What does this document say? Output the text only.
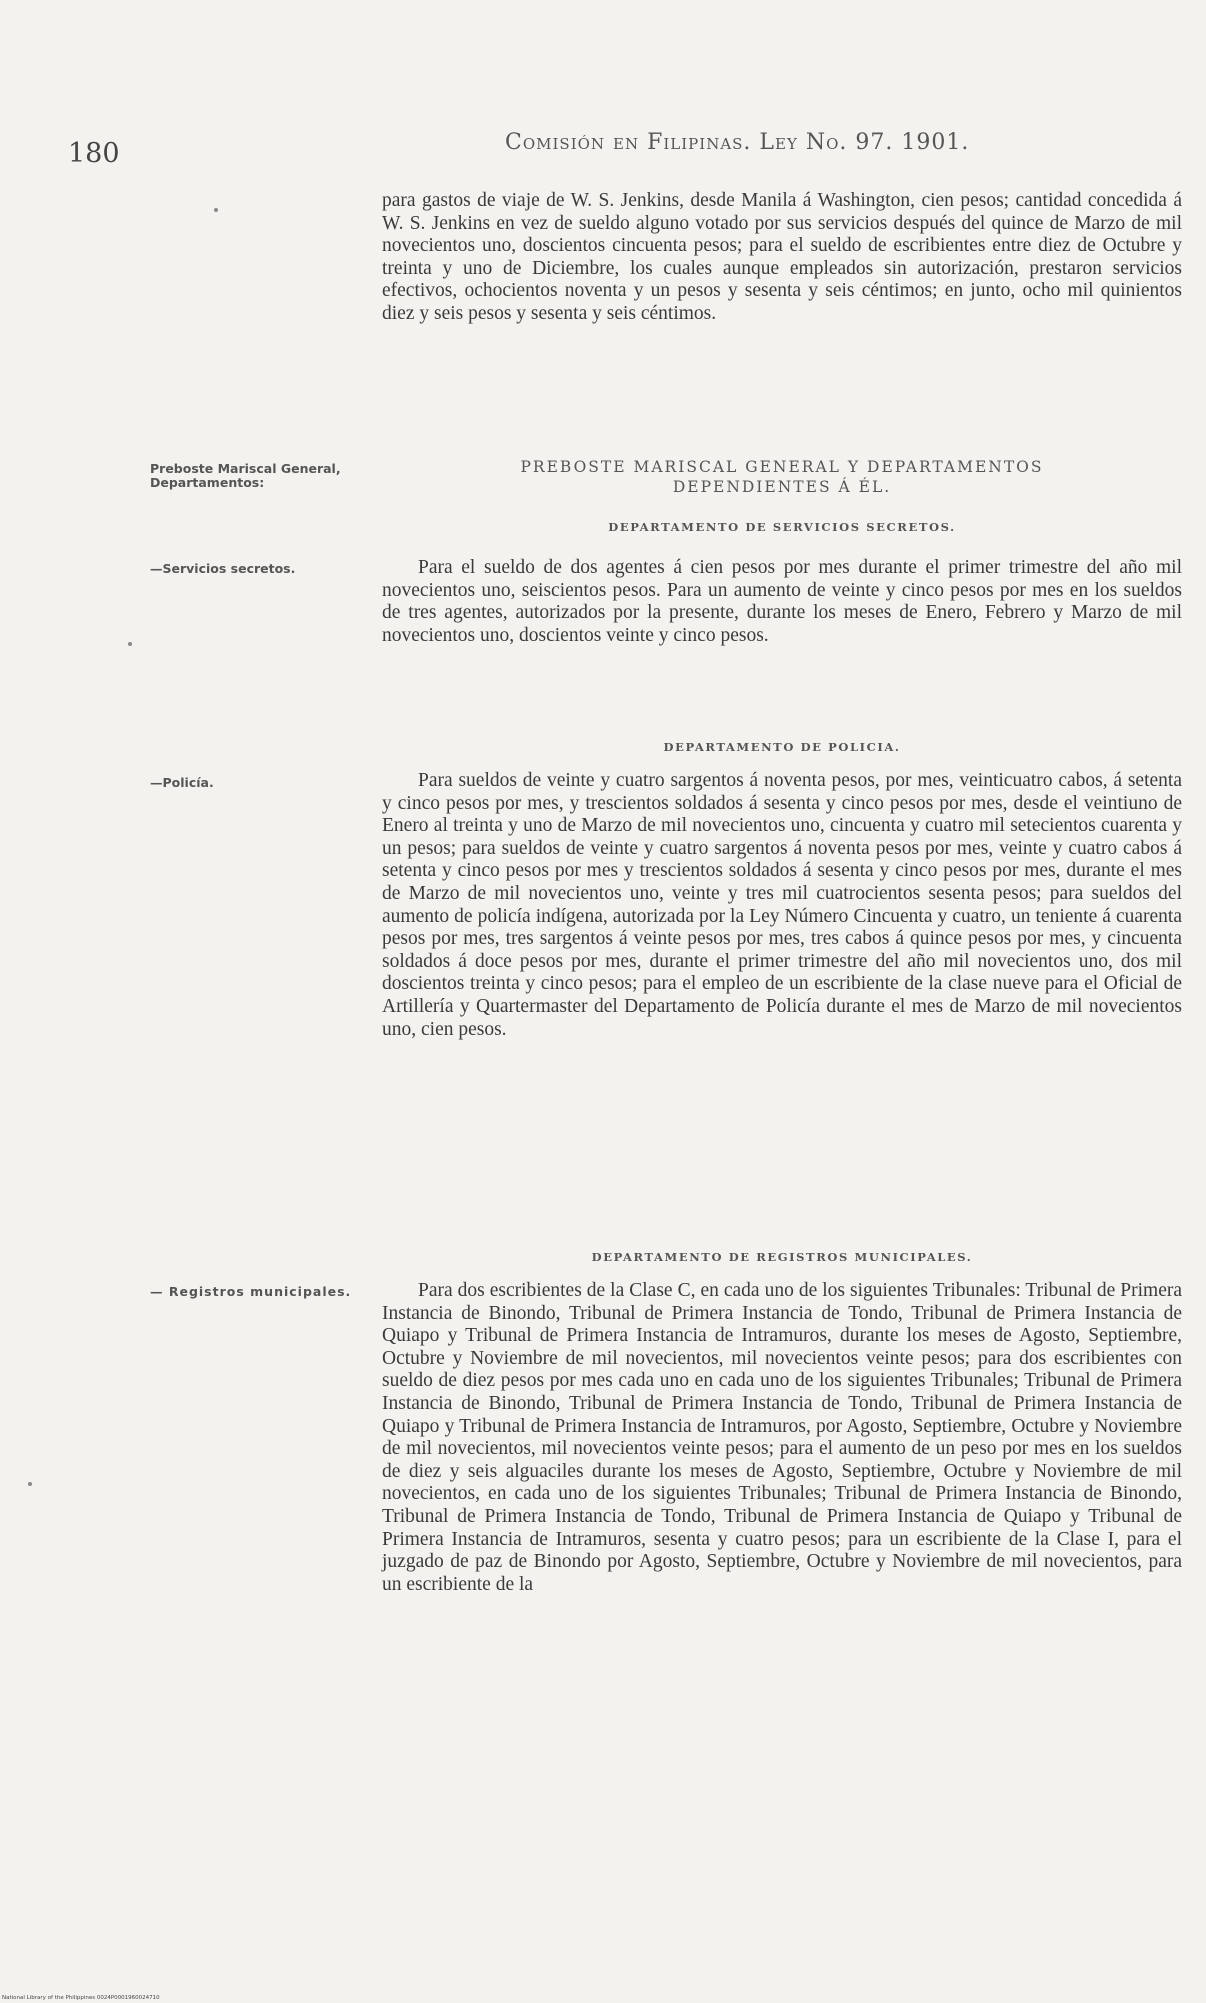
180	Comisión en Filipinas. Ley No. 97. 1901.

para gastos de viaje de W. S. Jenkins, desde Manila á Washington, cien pesos; cantidad concedida á W. S. Jenkins en vez de sueldo alguno votado por sus servicios después del quince de Marzo de mil novecientos uno, doscientos cincuenta pesos; para el sueldo de escribientes entre diez de Octubre y treinta y uno de Diciembre, los cuales aunque empleados sin autorización, prestaron servicios efectivos, ochocientos noventa y un pesos y sesenta y seis céntimos; en junto, ocho mil quinientos diez y seis pesos y sesenta y seis céntimos.

Preboste Mariscal General, Departamentos:
PREBOSTE MARISCAL GENERAL Y DEPARTAMENTOS DEPENDIENTES Á ÉL.
DEPARTAMENTO DE SERVICIOS SECRETOS.
—Servicios secretos.	Para el sueldo de dos agentes á cien pesos por mes durante el primer trimestre del año mil novecientos uno, seiscientos pesos. Para un aumento de veinte y cinco pesos por mes en los sueldos de tres agentes, autorizados por la presente, durante los meses de Enero, Febrero y Marzo de mil novecientos uno, doscientos veinte y cinco pesos.

DEPARTAMENTO DE POLICIA.
—Policía.	Para sueldos de veinte y cuatro sargentos á noventa pesos, por mes, veinticuatro cabos, á setenta y cinco pesos por mes, y trescientos soldados á sesenta y cinco pesos por mes, desde el veintiuno de Enero al treinta y uno de Marzo de mil novecientos uno, cincuenta y cuatro mil setecientos cuarenta y un pesos; para sueldos de veinte y cuatro sargentos á noventa pesos por mes, veinte y cuatro cabos á setenta y cinco pesos por mes y trescientos soldados á sesenta y cinco pesos por mes, durante el mes de Marzo de mil novecientos uno, veinte y tres mil cuatrocientos sesenta pesos; para sueldos del aumento de policía indígena, autorizada por la Ley Número Cincuenta y cuatro, un teniente á cuarenta pesos por mes, tres sargentos á veinte pesos por mes, tres cabos á quince pesos por mes, y cincuenta soldados á doce pesos por mes, durante el primer trimestre del año mil novecientos uno, dos mil doscientos treinta y cinco pesos; para el empleo de un escribiente de la clase nueve para el Oficial de Artillería y Quartermaster del Departamento de Policía durante el mes de Marzo de mil novecientos uno, cien pesos.

DEPARTAMENTO DE REGISTROS MUNICIPALES.
— Registros municipales.	Para dos escribientes de la Clase C, en cada uno de los siguientes Tribunales: Tribunal de Primera Instancia de Binondo, Tribunal de Primera Instancia de Tondo, Tribunal de Primera Instancia de Quiapo y Tribunal de Primera Instancia de Intramuros, durante los meses de Agosto, Septiembre, Octubre y Noviembre de mil novecientos, mil novecientos veinte pesos; para dos escribientes con sueldo de diez pesos por mes cada uno en cada uno de los siguientes Tribunales; Tribunal de Primera Instancia de Binondo, Tribunal de Primera Instancia de Tondo, Tribunal de Primera Instancia de Quiapo y Tribunal de Primera Instancia de Intramuros, por Agosto, Septiembre, Octubre y Noviembre de mil novecientos, mil novecientos veinte pesos; para el aumento de un peso por mes en los sueldos de diez y seis alguaciles durante los meses de Agosto, Septiembre, Octubre y Noviembre de mil novecientos, en cada uno de los siguientes Tribunales; Tribunal de Primera Instancia de Binondo, Tribunal de Primera Instancia de Tondo, Tribunal de Primera Instancia de Quiapo y Tribunal de Primera Instancia de Intramuros, sesenta y cuatro pesos; para un escribiente de la Clase I, para el juzgado de paz de Binondo por Agosto, Septiembre, Octubre y Noviembre de mil novecientos, para un escribiente de la

National Library of the Philippines 0024P0001960024710
